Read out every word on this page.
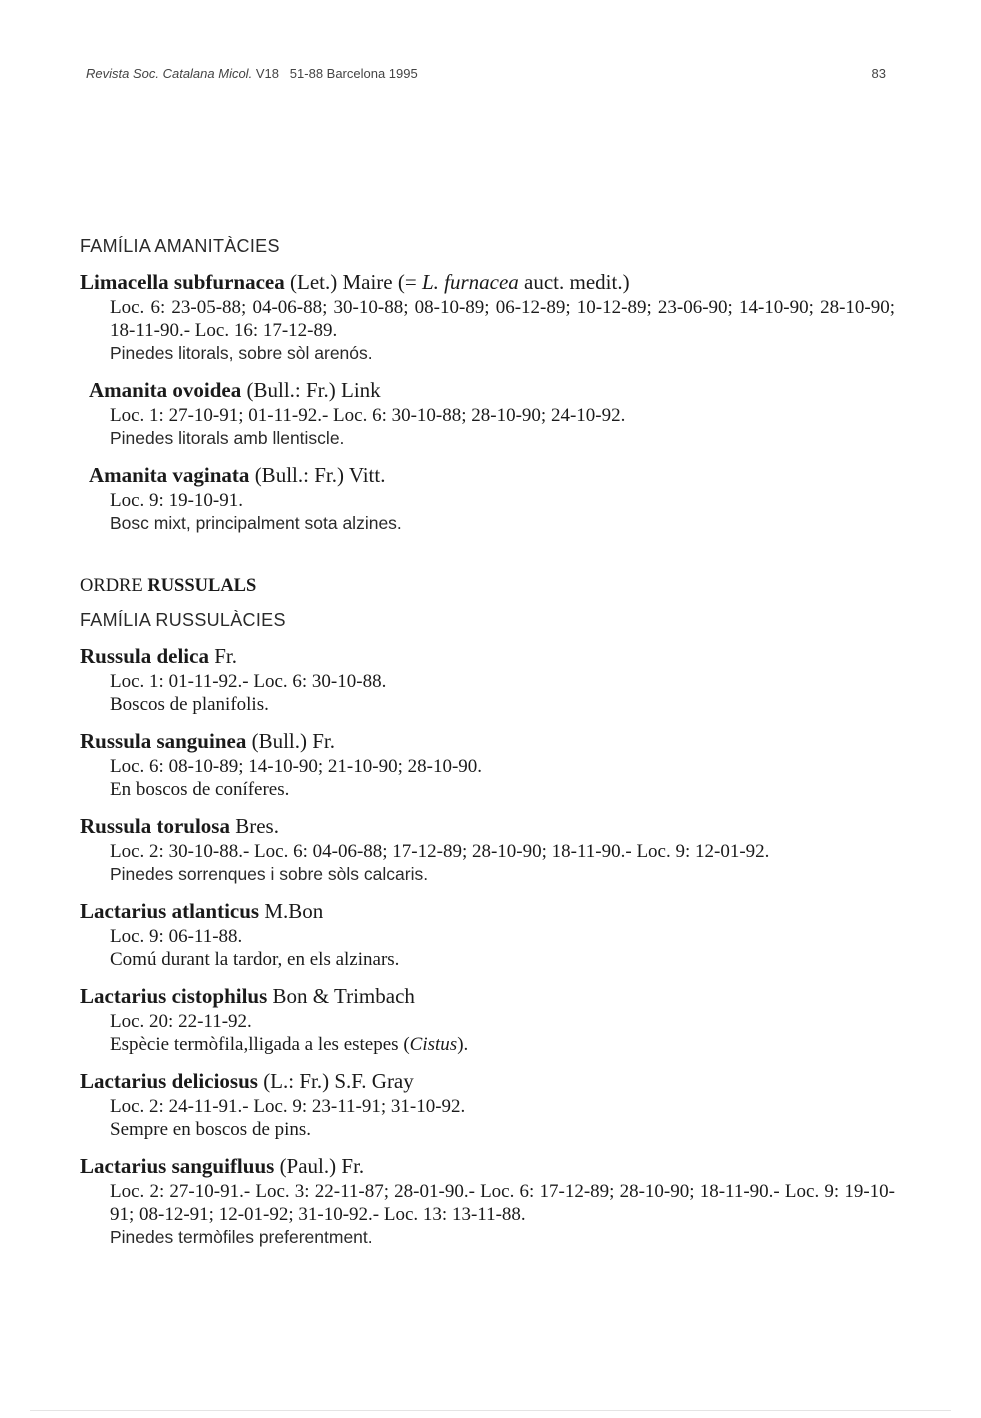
Revista Soc. Catalana Micol. V18 51-88 Barcelona 1995	83
FAMÍLIA AMANITÀCIES
Limacella subfurnacea (Let.) Maire (= L. furnacea auct. medit.)
Loc. 6: 23-05-88; 04-06-88; 30-10-88; 08-10-89; 06-12-89; 10-12-89; 23-06-90; 14-10-90; 28-10-90; 18-11-90.- Loc. 16: 17-12-89.
Pinedes litorals, sobre sòl arenós.
Amanita ovoidea (Bull.: Fr.) Link
Loc. 1: 27-10-91; 01-11-92.- Loc. 6: 30-10-88; 28-10-90; 24-10-92.
Pinedes litorals amb llentiscle.
Amanita vaginata (Bull.: Fr.) Vitt.
Loc. 9: 19-10-91.
Bosc mixt, principalment sota alzines.
ORDRE RUSSULALS
FAMÍLIA RUSSULÀCIES
Russula delica Fr.
Loc. 1: 01-11-92.- Loc. 6: 30-10-88.
Boscos de planifolis.
Russula sanguinea (Bull.) Fr.
Loc. 6: 08-10-89; 14-10-90; 21-10-90; 28-10-90.
En boscos de coníferes.
Russula torulosa Bres.
Loc. 2: 30-10-88.- Loc. 6: 04-06-88; 17-12-89; 28-10-90; 18-11-90.- Loc. 9: 12-01-92.
Pinedes sorrenques i sobre sòls calcaris.
Lactarius atlanticus M.Bon
Loc. 9: 06-11-88.
Comú durant la tardor, en els alzinars.
Lactarius cistophilus Bon & Trimbach
Loc. 20: 22-11-92.
Espècie termòfila,lligada a les estepes (Cistus).
Lactarius deliciosus (L.: Fr.) S.F. Gray
Loc. 2: 24-11-91.- Loc. 9: 23-11-91; 31-10-92.
Sempre en boscos de pins.
Lactarius sanguifluus (Paul.) Fr.
Loc. 2: 27-10-91.- Loc. 3: 22-11-87; 28-01-90.- Loc. 6: 17-12-89; 28-10-90; 18-11-90.- Loc. 9: 19-10-91; 08-12-91; 12-01-92; 31-10-92.- Loc. 13: 13-11-88.
Pinedes termòfiles preferentment.
